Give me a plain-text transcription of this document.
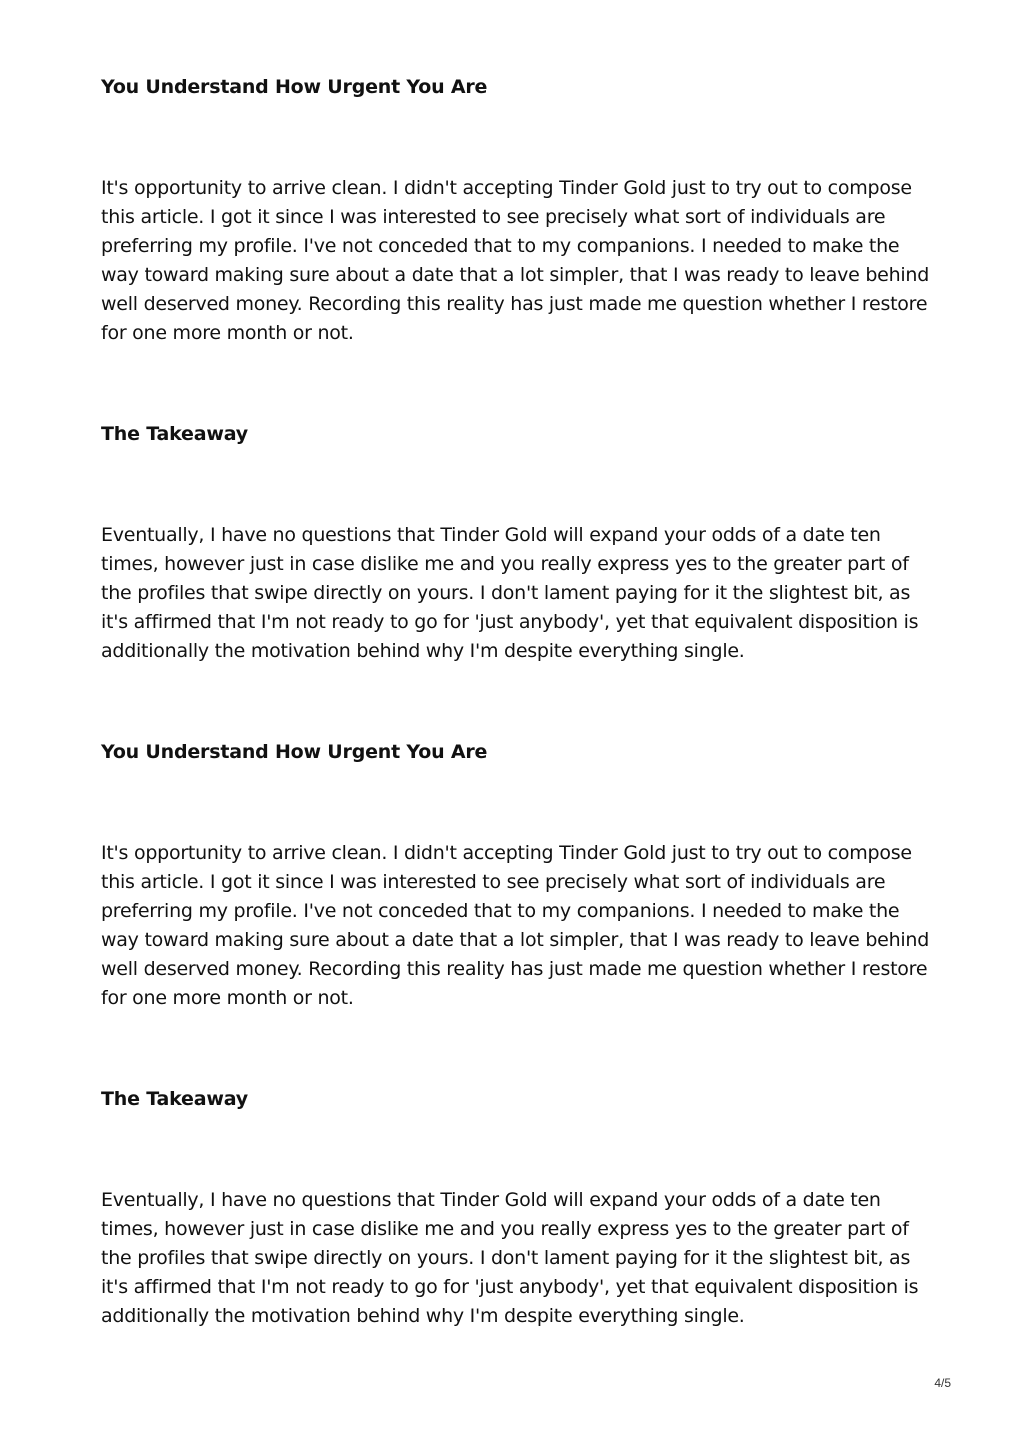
You Understand How Urgent You Are

It's opportunity to arrive clean. I didn't accepting Tinder Gold just to try out to compose
this article. I got it since I was interested to see precisely what sort of individuals are
preferring my profile. I've not conceded that to my companions. I needed to make the
way toward making sure about a date that a lot simpler, that I was ready to leave behind
well deserved money. Recording this reality has just made me question whether I restore
for one more month or not.

The Takeaway

Eventually, I have no questions that Tinder Gold will expand your odds of a date ten
times, however just in case dislike me and you really express yes to the greater part of
the profiles that swipe directly on yours. I don't lament paying for it the slightest bit, as
it's affirmed that I'm not ready to go for 'just anybody', yet that equivalent disposition is
additionally the motivation behind why I'm despite everything single.

You Understand How Urgent You Are

It's opportunity to arrive clean. I didn't accepting Tinder Gold just to try out to compose
this article. I got it since I was interested to see precisely what sort of individuals are
preferring my profile. I've not conceded that to my companions. I needed to make the
way toward making sure about a date that a lot simpler, that I was ready to leave behind
well deserved money. Recording this reality has just made me question whether I restore
for one more month or not.

The Takeaway

Eventually, I have no questions that Tinder Gold will expand your odds of a date ten
times, however just in case dislike me and you really express yes to the greater part of
the profiles that swipe directly on yours. I don't lament paying for it the slightest bit, as
it's affirmed that I'm not ready to go for 'just anybody', yet that equivalent disposition is
additionally the motivation behind why I'm despite everything single.

4/5
